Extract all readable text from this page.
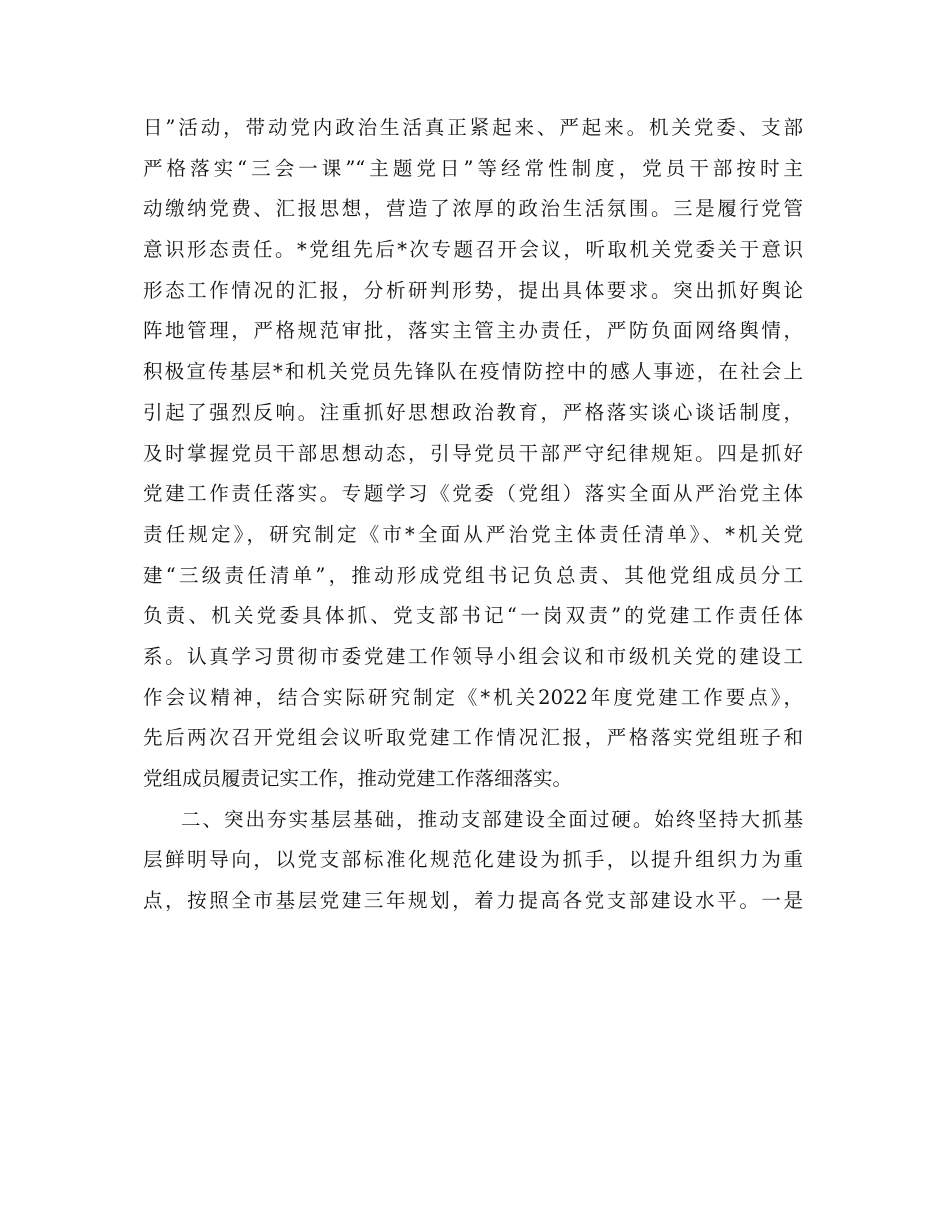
日”活动，带动党内政治生活真正紧起来、严起来。机关党委、支部
严格落实“三会一课”“主题党日”等经常性制度，党员干部按时主
动缴纳党费、汇报思想，营造了浓厚的政治生活氛围。三是履行党管
意识形态责任。*党组先后*次专题召开会议，听取机关党委关于意识
形态工作情况的汇报，分析研判形势，提出具体要求。突出抓好舆论
阵地管理，严格规范审批，落实主管主办责任，严防负面网络舆情，
积极宣传基层*和机关党员先锋队在疫情防控中的感人事迹，在社会上
引起了强烈反响。注重抓好思想政治教育，严格落实谈心谈话制度，
及时掌握党员干部思想动态，引导党员干部严守纪律规矩。四是抓好
党建工作责任落实。专题学习《党委（党组）落实全面从严治党主体
责任规定》，研究制定《市*全面从严治党主体责任清单》、*机关党
建“三级责任清单”，推动形成党组书记负总责、其他党组成员分工
负责、机关党委具体抓、党支部书记“一岗双责”的党建工作责任体
系。认真学习贯彻市委党建工作领导小组会议和市级机关党的建设工
作会议精神，结合实际研究制定《*机关2022年度党建工作要点》，
先后两次召开党组会议听取党建工作情况汇报，严格落实党组班子和
党组成员履责记实工作，推动党建工作落细落实。
二、突出夯实基层基础，推动支部建设全面过硬。始终坚持大抓基
层鲜明导向，以党支部标准化规范化建设为抓手，以提升组织力为重
点，按照全市基层党建三年规划，着力提高各党支部建设水平。一是
